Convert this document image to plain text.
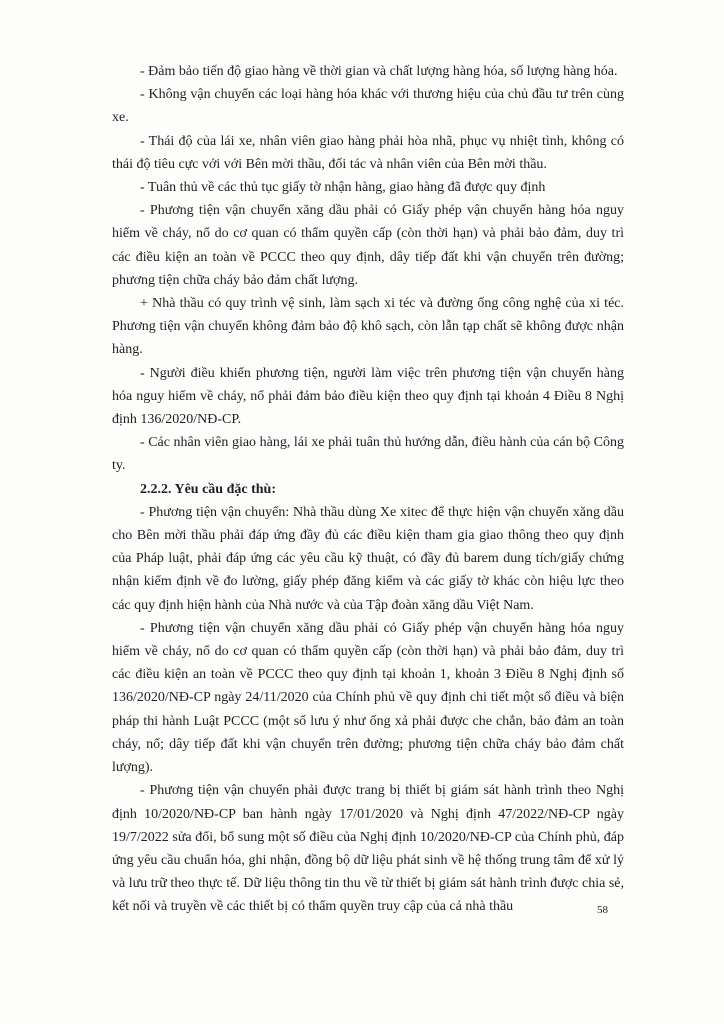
- Đảm bảo tiến độ giao hàng về thời gian và chất lượng hàng hóa, số lượng hàng hóa.

- Không vận chuyển các loại hàng hóa khác với thương hiệu của chủ đầu tư trên cùng xe.

- Thái độ của lái xe, nhân viên giao hàng phải hòa nhã, phục vụ nhiệt tình, không có thái độ tiêu cực với với Bên mời thầu, đối tác và nhân viên của Bên mời thầu.

- Tuân thủ về các thủ tục giấy tờ nhận hàng, giao hàng đã được quy định

- Phương tiện vận chuyển xăng dầu phải có Giấy phép vận chuyển hàng hóa nguy hiểm về cháy, nổ do cơ quan có thẩm quyền cấp (còn thời hạn) và phải bảo đảm, duy trì các điều kiện an toàn về PCCC theo quy định, dây tiếp đất khi vận chuyển trên đường; phương tiện chữa cháy bảo đảm chất lượng.

+ Nhà thầu có quy trình vệ sinh, làm sạch xi téc và đường ống công nghệ của xi téc. Phương tiện vận chuyển không đảm bảo độ khô sạch, còn lẫn tạp chất sẽ không được nhận hàng.

- Người điều khiển phương tiện, người làm việc trên phương tiện vận chuyển hàng hóa nguy hiểm về cháy, nổ phải đảm bảo điều kiện theo quy định tại khoản 4 Điều 8 Nghị định 136/2020/NĐ-CP.

- Các nhân viên giao hàng, lái xe phải tuân thủ hướng dẫn, điều hành của cán bộ Công ty.

2.2.2. Yêu cầu đặc thù:

- Phương tiện vận chuyển: Nhà thầu dùng Xe xitec để thực hiện vận chuyển xăng dầu cho Bên mời thầu phải đáp ứng đầy đủ các điều kiện tham gia giao thông theo quy định của Pháp luật, phải đáp ứng các yêu cầu kỹ thuật, có đầy đủ barem dung tích/giấy chứng nhận kiểm định về đo lường, giấy phép đăng kiểm và các giấy tờ khác còn hiệu lực theo các quy định hiện hành của Nhà nước và của Tập đoàn xăng dầu Việt Nam.

- Phương tiện vận chuyển xăng dầu phải có Giấy phép vận chuyển hàng hóa nguy hiểm về cháy, nổ do cơ quan có thẩm quyền cấp (còn thời hạn) và phải bảo đảm, duy trì các điều kiện an toàn về PCCC theo quy định tại khoản 1, khoản 3 Điều 8 Nghị định số 136/2020/NĐ-CP ngày 24/11/2020 của Chính phủ về quy định chi tiết một số điều và biện pháp thi hành Luật PCCC (một số lưu ý như ống xả phải được che chắn, bảo đảm an toàn cháy, nổ; dây tiếp đất khi vận chuyển trên đường; phương tiện chữa cháy bảo đảm chất lượng).

- Phương tiện vận chuyển phải được trang bị thiết bị giám sát hành trình theo Nghị định 10/2020/NĐ-CP ban hành ngày 17/01/2020 và Nghị định 47/2022/NĐ-CP ngày 19/7/2022 sửa đổi, bổ sung một số điều của Nghị định 10/2020/NĐ-CP của Chính phủ, đáp ứng yêu cầu chuẩn hóa, ghi nhận, đồng bộ dữ liệu phát sinh về hệ thống trung tâm để xử lý và lưu trữ theo thực tế. Dữ liệu thông tin thu về từ thiết bị giám sát hành trình được chia sẻ, kết nối và truyền về các thiết bị có thẩm quyền truy cập của cả nhà thầu	58
